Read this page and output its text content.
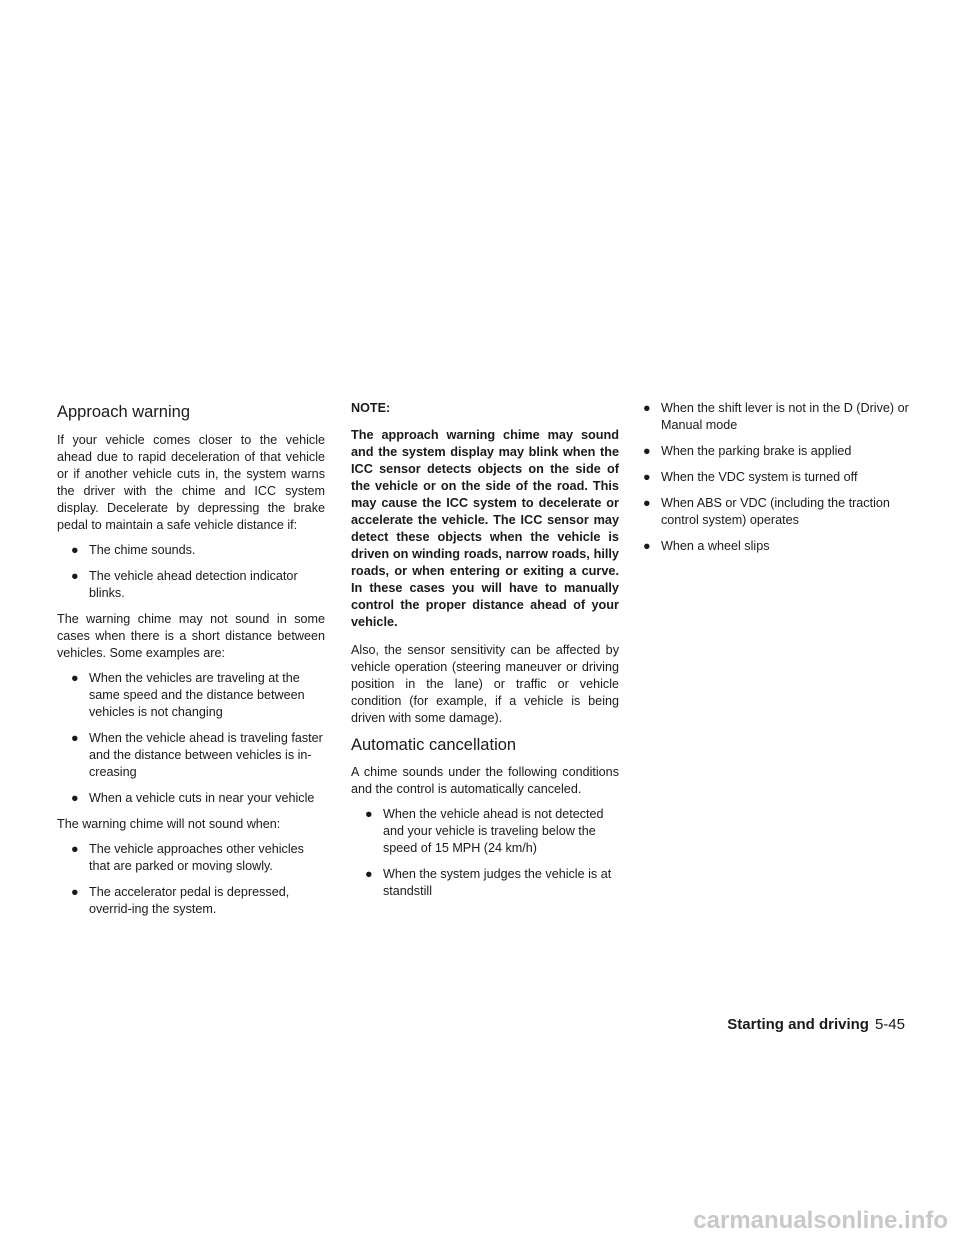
Approach warning

If your vehicle comes closer to the vehicle ahead due to rapid deceleration of that vehicle or if another vehicle cuts in, the system warns the driver with the chime and ICC system display. Decelerate by depressing the brake pedal to maintain a safe vehicle distance if:

● The chime sounds.
● The vehicle ahead detection indicator blinks.

The warning chime may not sound in some cases when there is a short distance between vehicles. Some examples are:

● When the vehicles are traveling at the same speed and the distance between vehicles is not changing
● When the vehicle ahead is traveling faster and the distance between vehicles is in-creasing
● When a vehicle cuts in near your vehicle

The warning chime will not sound when:

● The vehicle approaches other vehicles that are parked or moving slowly.
● The accelerator pedal is depressed, overrid-ing the system.
NOTE:

The approach warning chime may sound and the system display may blink when the ICC sensor detects objects on the side of the vehicle or on the side of the road. This may cause the ICC system to decelerate or accelerate the vehicle. The ICC sensor may detect these objects when the vehicle is driven on winding roads, narrow roads, hilly roads, or when entering or exiting a curve. In these cases you will have to manually control the proper distance ahead of your vehicle.

Also, the sensor sensitivity can be affected by vehicle operation (steering maneuver or driving position in the lane) or traffic or vehicle condition (for example, if a vehicle is being driven with some damage).

Automatic cancellation

A chime sounds under the following conditions and the control is automatically canceled.

● When the vehicle ahead is not detected and your vehicle is traveling below the speed of 15 MPH (24 km/h)
● When the system judges the vehicle is at standstill
● When the shift lever is not in the D (Drive) or Manual mode
● When the parking brake is applied
● When the VDC system is turned off
● When ABS or VDC (including the traction control system) operates
● When a wheel slips
Starting and driving 5-45
carmanualsonline.info
